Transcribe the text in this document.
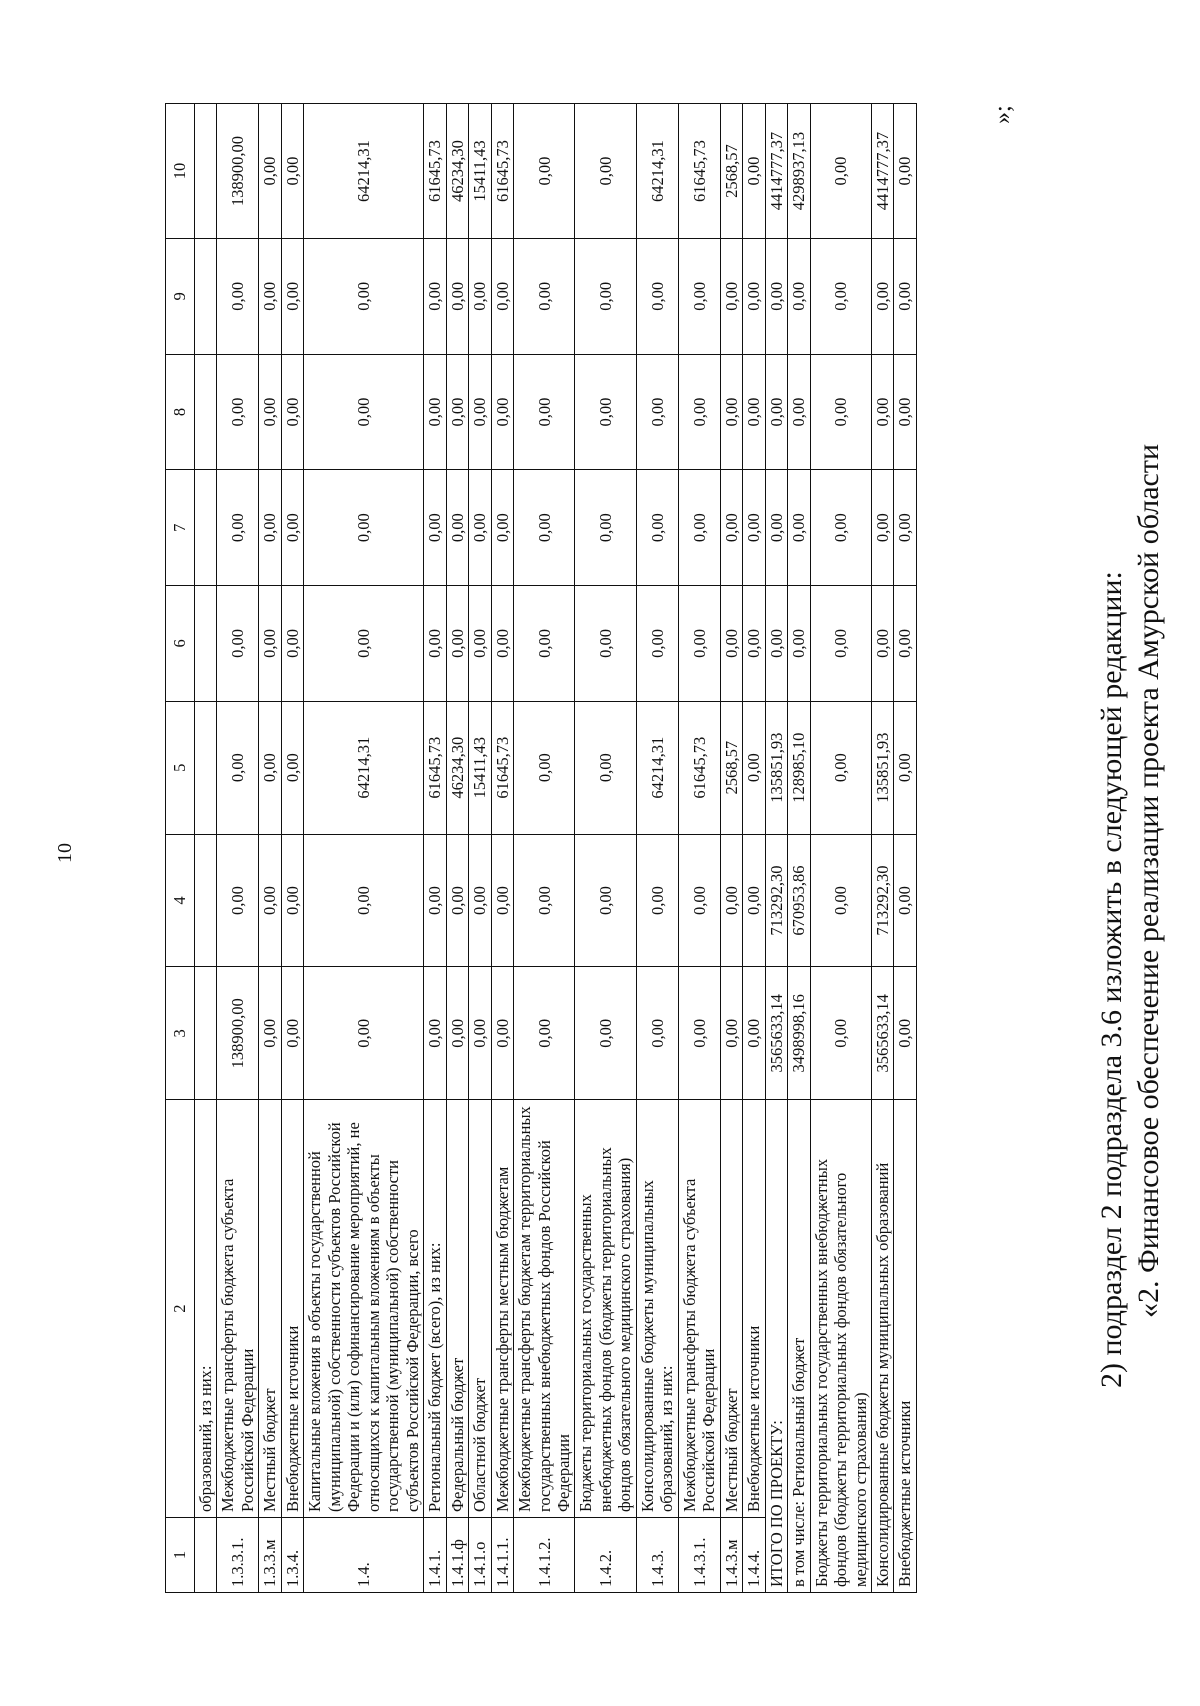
10
1	2	3	4	5	6	7	8	9	10
	образований, из них:								
1.3.3.1.	Межбюджетные трансферты бюджета субъекта Российской Федерации	138900,00	0,00	0,00	0,00	0,00	0,00	0,00	138900,00
1.3.3.м	Местный бюджет	0,00	0,00	0,00	0,00	0,00	0,00	0,00	0,00
1.3.4.	Внебюджетные источники	0,00	0,00	0,00	0,00	0,00	0,00	0,00	0,00
1.4.	Капитальные вложения в объекты государственной (муниципальной) собственности субъектов Российской Федерации и (или) софинансирование мероприятий, не относящихся к капитальным вложениям в объекты государственной (муниципальной) собственности субъектов Российской Федерации, всего	0,00	0,00	64214,31	0,00	0,00	0,00	0,00	64214,31
1.4.1.	Региональный бюджет (всего), из них:	0,00	0,00	61645,73	0,00	0,00	0,00	0,00	61645,73
1.4.1.ф	Федеральный бюджет	0,00	0,00	46234,30	0,00	0,00	0,00	0,00	46234,30
1.4.1.о	Областной бюджет	0,00	0,00	15411,43	0,00	0,00	0,00	0,00	15411,43
1.4.1.1.	Межбюджетные трансферты местным бюджетам	0,00	0,00	61645,73	0,00	0,00	0,00	0,00	61645,73
1.4.1.2.	Межбюджетные трансферты бюджетам территориальных государственных внебюджетных фондов Российской Федерации	0,00	0,00	0,00	0,00	0,00	0,00	0,00	0,00
1.4.2.	Бюджеты территориальных государственных внебюджетных фондов (бюджеты территориальных фондов обязательного медицинского страхования)	0,00	0,00	0,00	0,00	0,00	0,00	0,00	0,00
1.4.3.	Консолидированные бюджеты муниципальных образований, из них:	0,00	0,00	64214,31	0,00	0,00	0,00	0,00	64214,31
1.4.3.1.	Межбюджетные трансферты бюджета субъекта Российской Федерации	0,00	0,00	61645,73	0,00	0,00	0,00	0,00	61645,73
1.4.3.м	Местный бюджет	0,00	0,00	2568,57	0,00	0,00	0,00	0,00	2568,57
1.4.4.	Внебюджетные источники	0,00	0,00	0,00	0,00	0,00	0,00	0,00	0,00
ИТОГО ПО ПРОЕКТУ:		3565633,14	713292,30	135851,93	0,00	0,00	0,00	0,00	4414777,37
в том числе: Региональный бюджет		3498998,16	670953,86	128985,10	0,00	0,00	0,00	0,00	4298937,13
Бюджеты территориальных государственных внебюджетных фондов (бюджеты территориальных фондов обязательного медицинского страхования)		0,00	0,00	0,00	0,00	0,00	0,00	0,00	0,00
Консолидированные бюджеты муниципальных образований		3565633,14	713292,30	135851,93	0,00	0,00	0,00	0,00	4414777,37
Внебюджетные источники		0,00	0,00	0,00	0,00	0,00	0,00	0,00	0,00
»;
2) подраздел 2 подраздела 3.6 изложить в следующей редакции: «2. Финансовое обеспечение реализации проекта Амурской области
